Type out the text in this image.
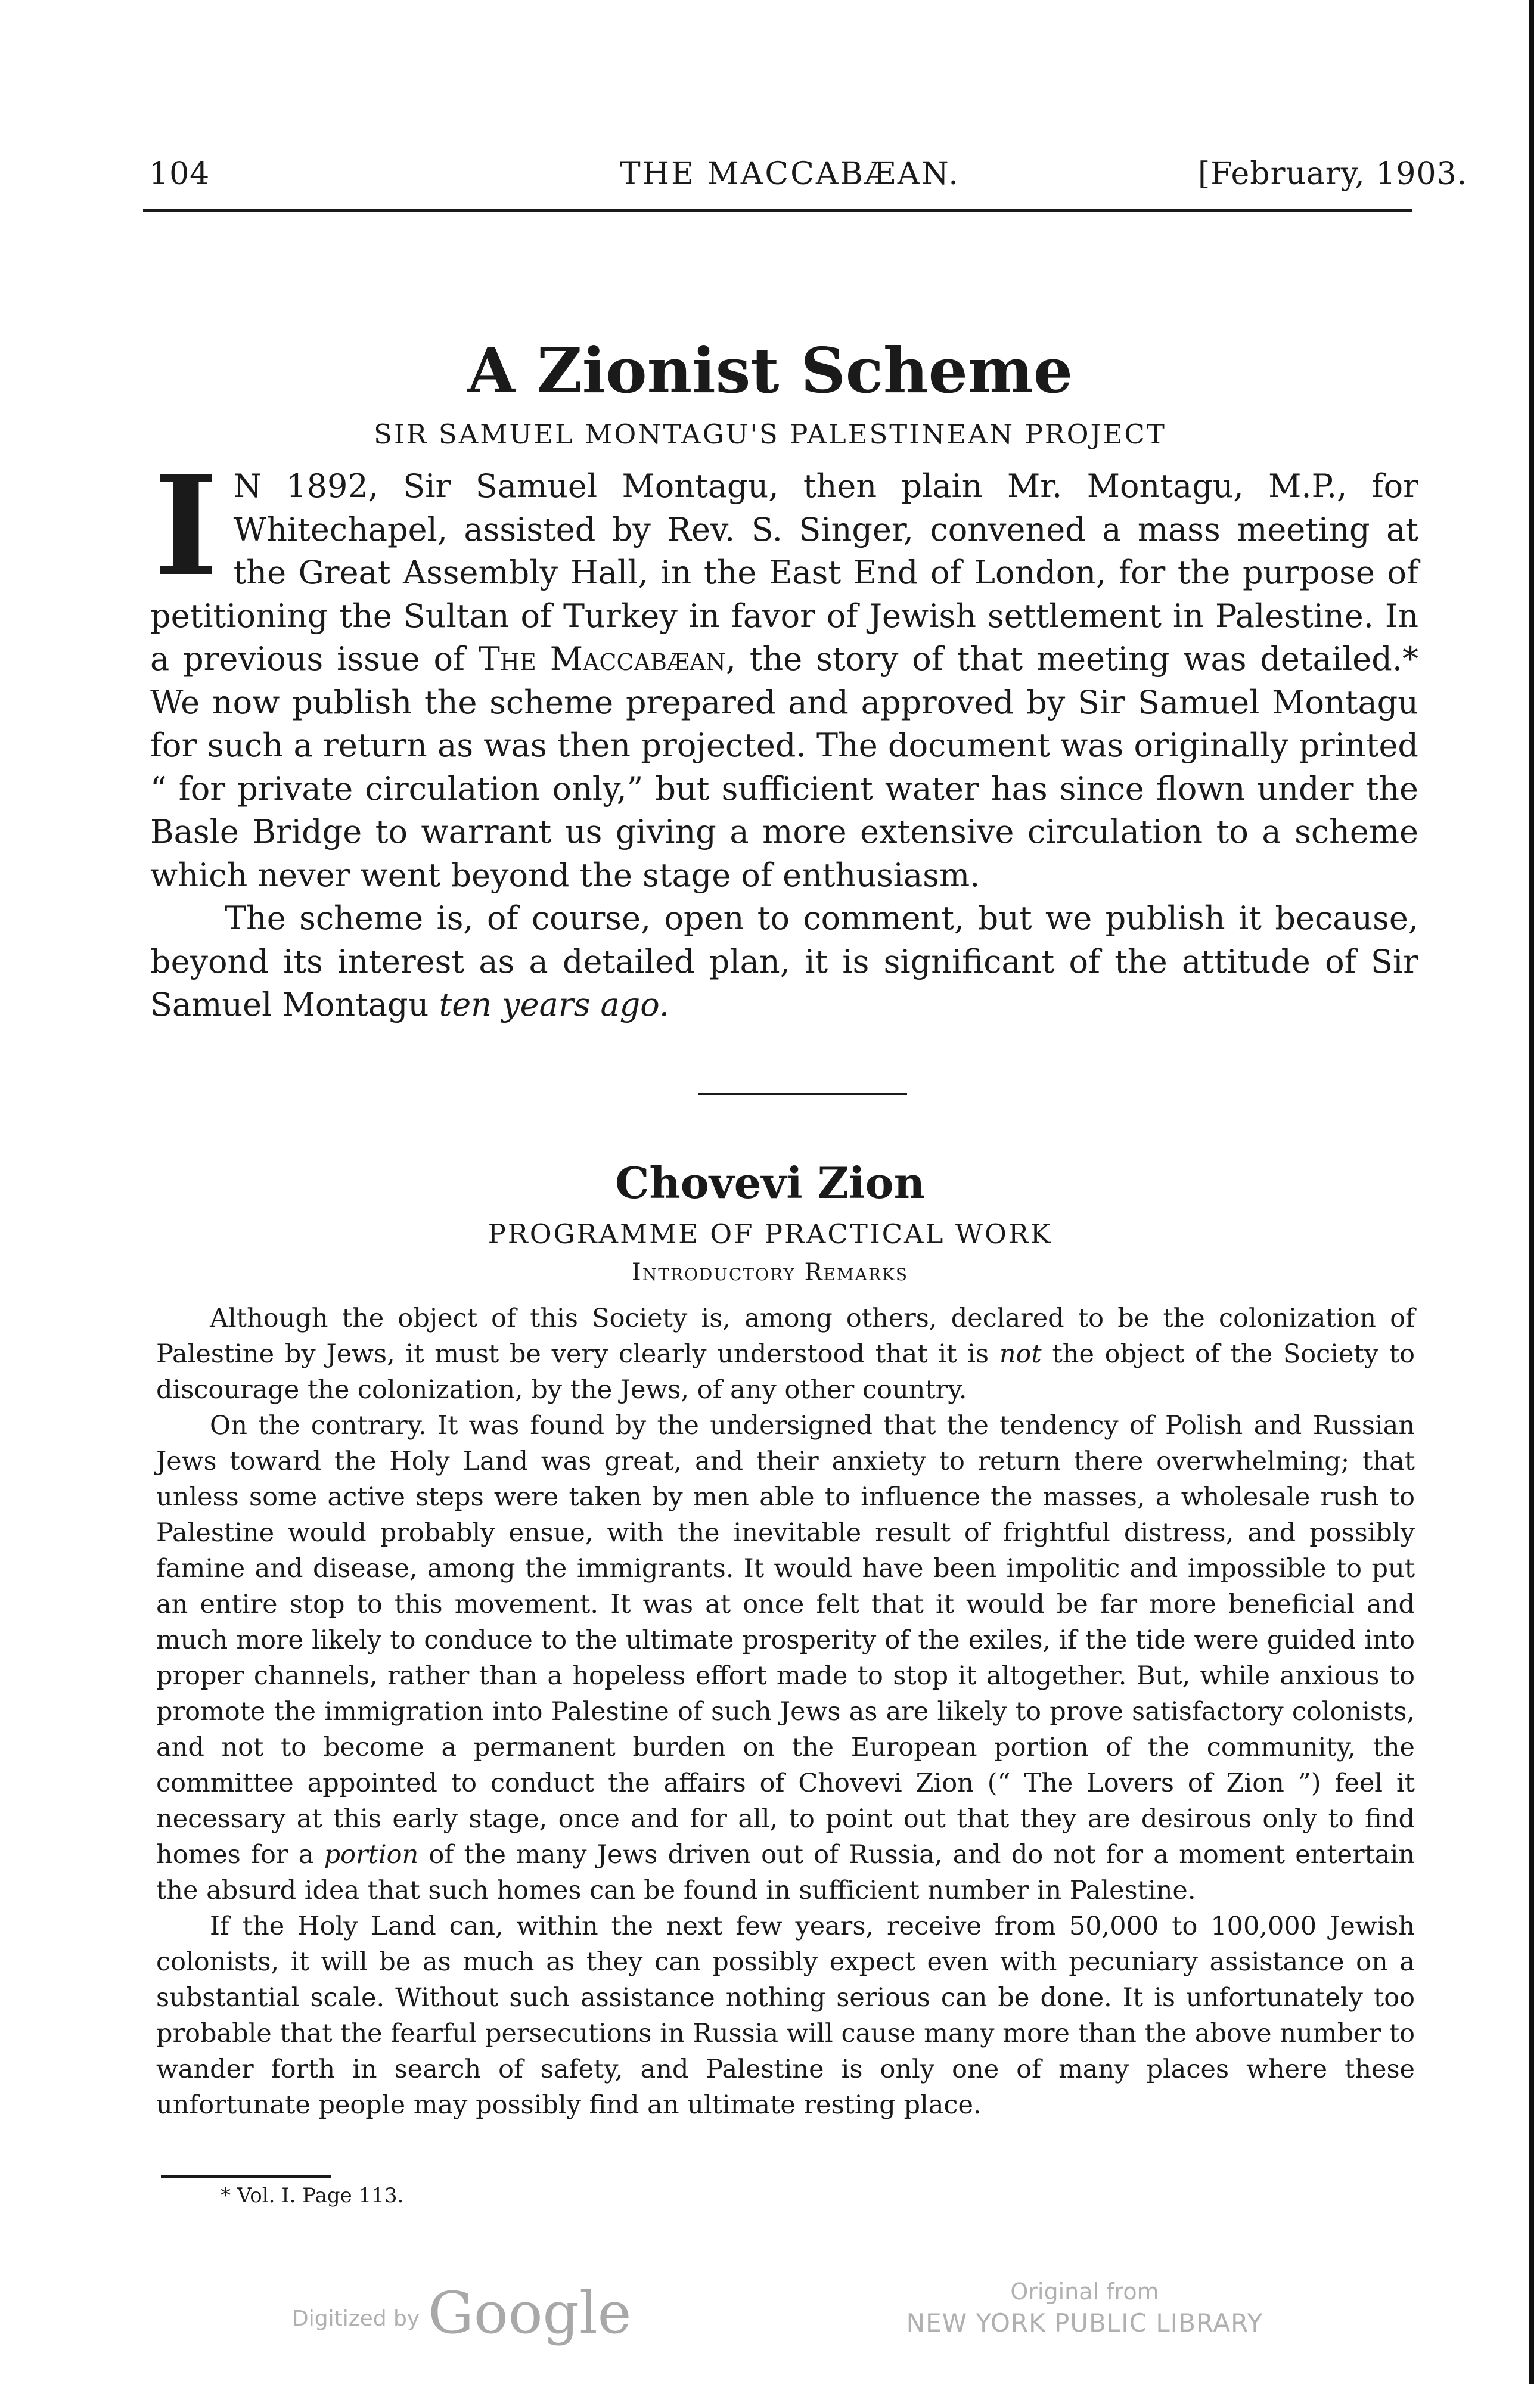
104	THE MACCABÆAN.	[February, 1903.
A Zionist Scheme
SIR SAMUEL MONTAGU'S PALESTINEAN PROJECT

I N 1892, Sir Samuel Montagu, then plain Mr. Montagu, M.P., for Whitechapel, assisted by Rev. S. Singer, convened a mass meeting at the Great Assembly Hall, in the East End of London, for the purpose of petitioning the Sultan of Turkey in favor of Jewish settlement in Palestine. In a previous issue of The Maccabæan, the story of that meeting was detailed.* We now publish the scheme prepared and approved by Sir Samuel Montagu for such a return as was then projected. The document was originally printed “ for private circulation only,” but sufficient water has since flown under the Basle Bridge to warrant us giving a more extensive circulation to a scheme which never went beyond the stage of enthusiasm.

The scheme is, of course, open to comment, but we publish it because, beyond its interest as a detailed plan, it is significant of the attitude of Sir Samuel Montagu ten years ago.

Chovevi Zion
PROGRAMME OF PRACTICAL WORK
Introductory Remarks

Although the object of this Society is, among others, declared to be the colonization of Palestine by Jews, it must be very clearly understood that it is not the object of the Society to discourage the colonization, by the Jews, of any other country.

On the contrary. It was found by the undersigned that the tendency of Polish and Russian Jews toward the Holy Land was great, and their anxiety to return there overwhelming; that unless some active steps were taken by men able to influence the masses, a wholesale rush to Palestine would probably ensue, with the inevitable result of frightful distress, and possibly famine and disease, among the immigrants. It would have been impolitic and impossible to put an entire stop to this movement. It was at once felt that it would be far more beneficial and much more likely to conduce to the ultimate prosperity of the exiles, if the tide were guided into proper channels, rather than a hopeless effort made to stop it altogether. But, while anxious to promote the immigration into Palestine of such Jews as are likely to prove satisfactory colonists, and not to become a permanent burden on the European portion of the community, the committee appointed to conduct the affairs of Chovevi Zion (“ The Lovers of Zion ”) feel it necessary at this early stage, once and for all, to point out that they are desirous only to find homes for a portion of the many Jews driven out of Russia, and do not for a moment entertain the absurd idea that such homes can be found in sufficient number in Palestine.

If the Holy Land can, within the next few years, receive from 50,000 to 100,000 Jewish colonists, it will be as much as they can possibly expect even with pecuniary assistance on a substantial scale. Without such assistance nothing serious can be done. It is unfortunately too probable that the fearful persecutions in Russia will cause many more than the above number to wander forth in search of safety, and Palestine is only one of many places where these unfortunate people may possibly find an ultimate resting place.

* Vol. I. Page 113.
Digitized by Google	Original from
NEW YORK PUBLIC LIBRARY
